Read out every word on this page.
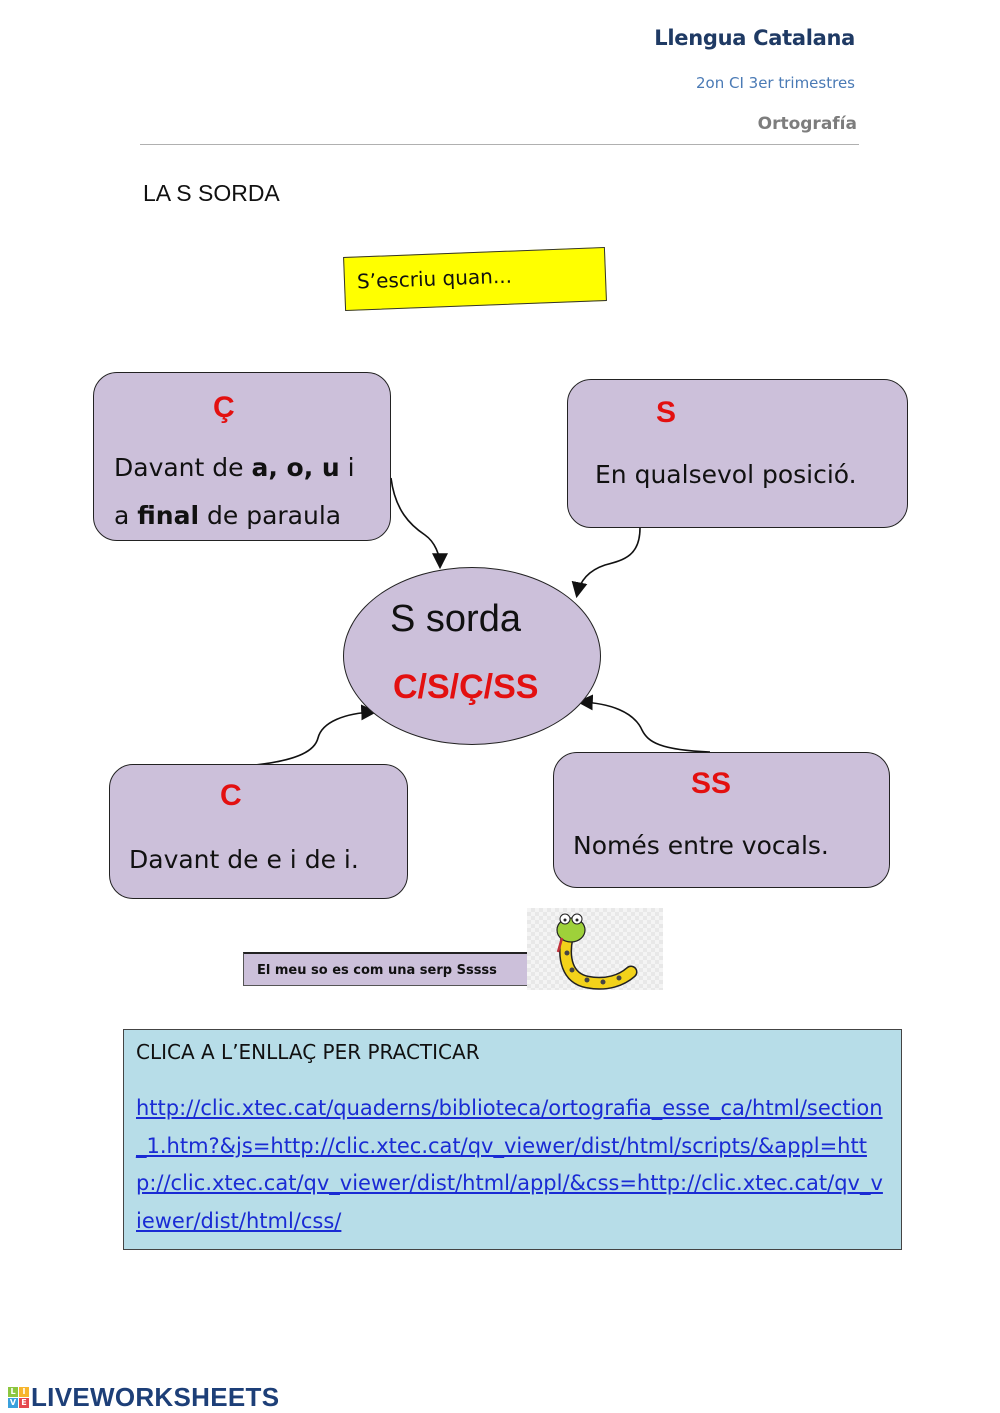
Llengua Catalana
2on CI 3er trimestres
Ortografía
LA S SORDA
S’escriu quan...
Ç
Davant de a, o, u i
a final de paraula
S
En qualsevol posició.
S sorda
C/S/Ç/SS
C
Davant de e i de i.
SS
Només entre vocals.
El meu so es com una serp Sssss
CLICA A L’ENLLAÇ PER PRACTICAR
http://clic.xtec.cat/quaderns/biblioteca/ortografia_esse_ca/html/section_1.htm?&js=http://clic.xtec.cat/qv_viewer/dist/html/scripts/&appl=http://clic.xtec.cat/qv_viewer/dist/html/appl/&css=http://clic.xtec.cat/qv_viewer/dist/html/css/
L I
V E LIVEWORKSHEETS
